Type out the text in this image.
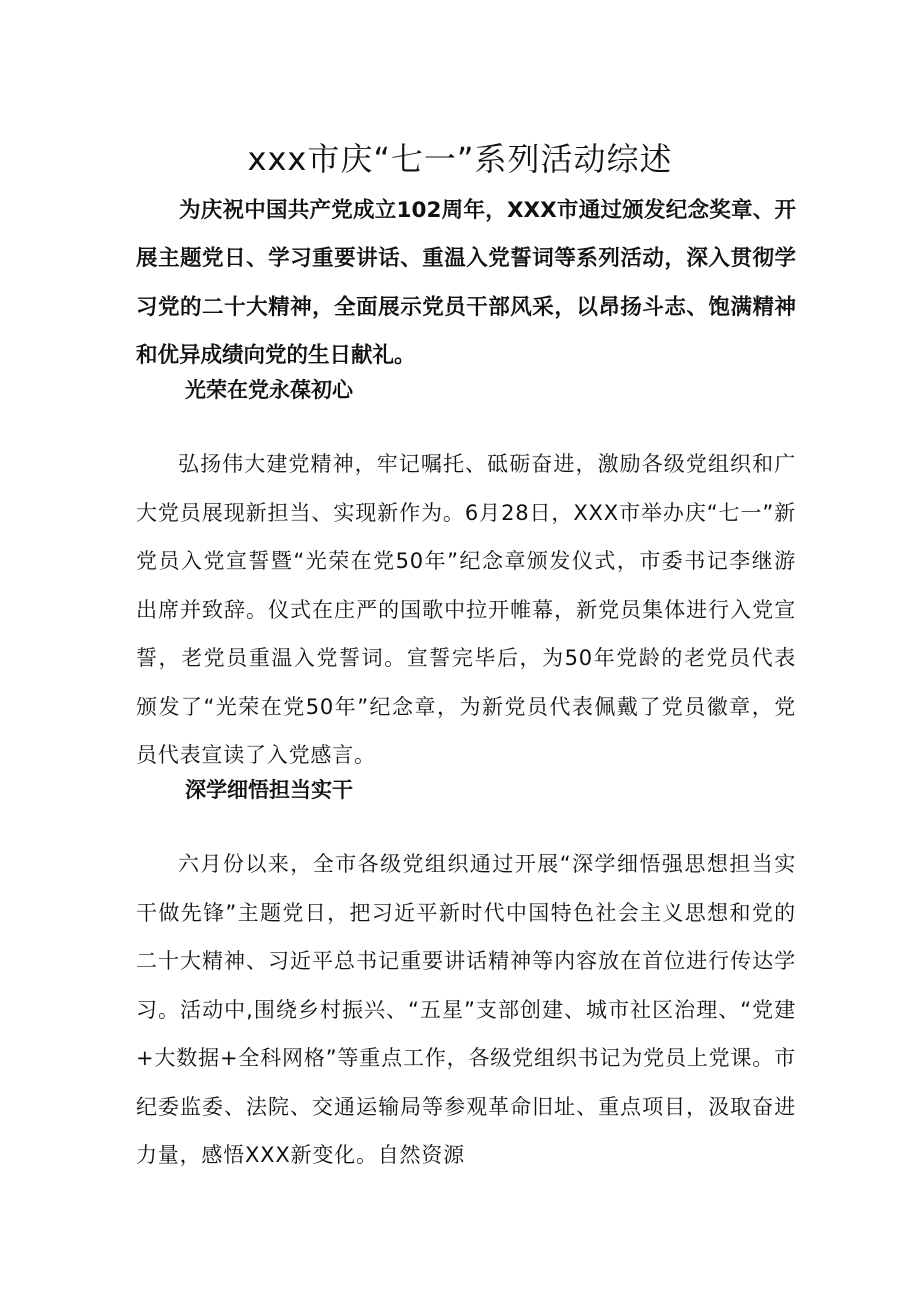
xxx市庆“七一”系列活动综述

为庆祝中国共产党成立102周年，XXX市通过颁发纪念奖章、开展主题党日、学习重要讲话、重温入党誓词等系列活动，深入贯彻学习党的二十大精神，全面展示党员干部风采，以昂扬斗志、饱满精神和优异成绩向党的生日献礼。

光荣在党永葆初心

弘扬伟大建党精神，牢记嘱托、砥砺奋进，激励各级党组织和广大党员展现新担当、实现新作为。6月28日，XXX市举办庆“七一”新党员入党宣誓暨“光荣在党50年”纪念章颁发仪式，市委书记李继游出席并致辞。仪式在庄严的国歌中拉开帷幕，新党员集体进行入党宣誓，老党员重温入党誓词。宣誓完毕后，为50年党龄的老党员代表颁发了“光荣在党50年”纪念章，为新党员代表佩戴了党员徽章，党员代表宣读了入党感言。

深学细悟担当实干

六月份以来，全市各级党组织通过开展“深学细悟强思想担当实干做先锋”主题党日，把习近平新时代中国特色社会主义思想和党的二十大精神、习近平总书记重要讲话精神等内容放在首位进行传达学习。活动中,围绕乡村振兴、“五星”支部创建、城市社区治理、“党建+大数据+全科网格”等重点工作，各级党组织书记为党员上党课。市纪委监委、法院、交通运输局等参观革命旧址、重点项目，汲取奋进力量，感悟XXX新变化。自然资源
